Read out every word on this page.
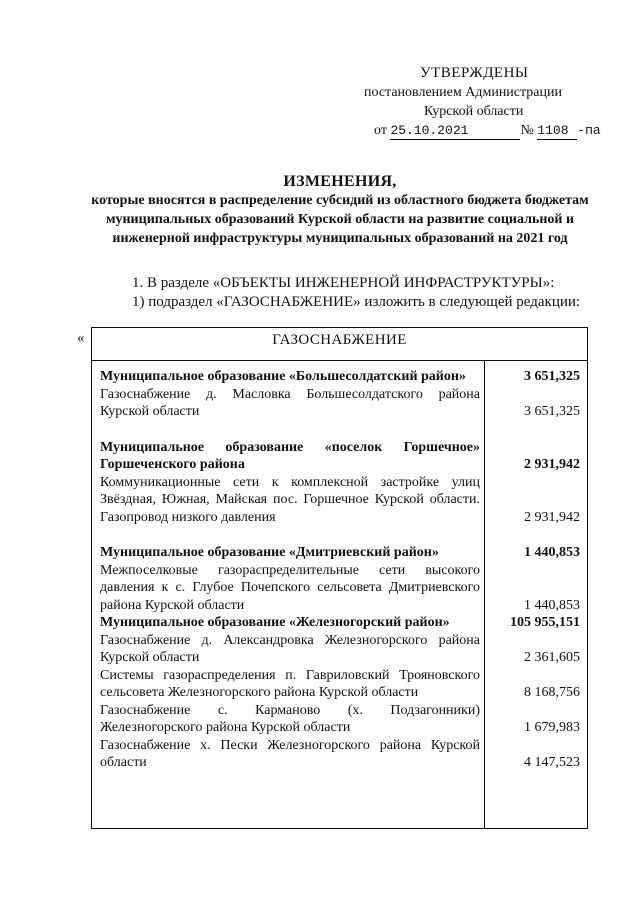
УТВЕРЖДЕНЫ
постановлением Администрации
Курской области
от 25.10.2021	№ 1108 -па
ИЗМЕНЕНИЯ,
которые вносятся в распределение субсидий из областного бюджета бюджетам муниципальных образований Курской области на развитие социальной и инженерной инфраструктуры муниципальных образований на 2021 год

1. В разделе «ОБЪЕКТЫ ИНЖЕНЕРНОЙ ИНФРАСТРУКТУРЫ»:

1) подраздел «ГАЗОСНАБЖЕНИЕ» изложить в следующей редакции:

«	ГАЗОСНАБЖЕНИЕ
Муниципальное образование «Большесолдатский район»	3 651,325
Газоснабжение д. Масловка Большесолдатского района Курской области	3 651,325
Муниципальное образование «поселок Горшечное» Горшеченского района	2 931,942
Коммуникационные сети к комплексной застройке улиц Звёздная, Южная, Майская пос. Горшечное Курской области. Газопровод низкого давления	2 931,942
Муниципальное образование «Дмитриевский район»	1 440,853
Межпоселковые газораспределительные сети высокого давления к с. Глубое Почепского сельсовета Дмитриевского района Курской области	1 440,853
Муниципальное образование «Железногорский район»	105 955,151
Газоснабжение д. Александровка Железногорского района Курской области	2 361,605
Системы газораспределения п. Гавриловский Трояновского сельсовета Железногорского района Курской области	8 168,756
Газоснабжение с. Карманово (х. Подзагонники) Железногорского района Курской области	1 679,983
Газоснабжение х. Пески Железногорского района Курской области	4 147,523
